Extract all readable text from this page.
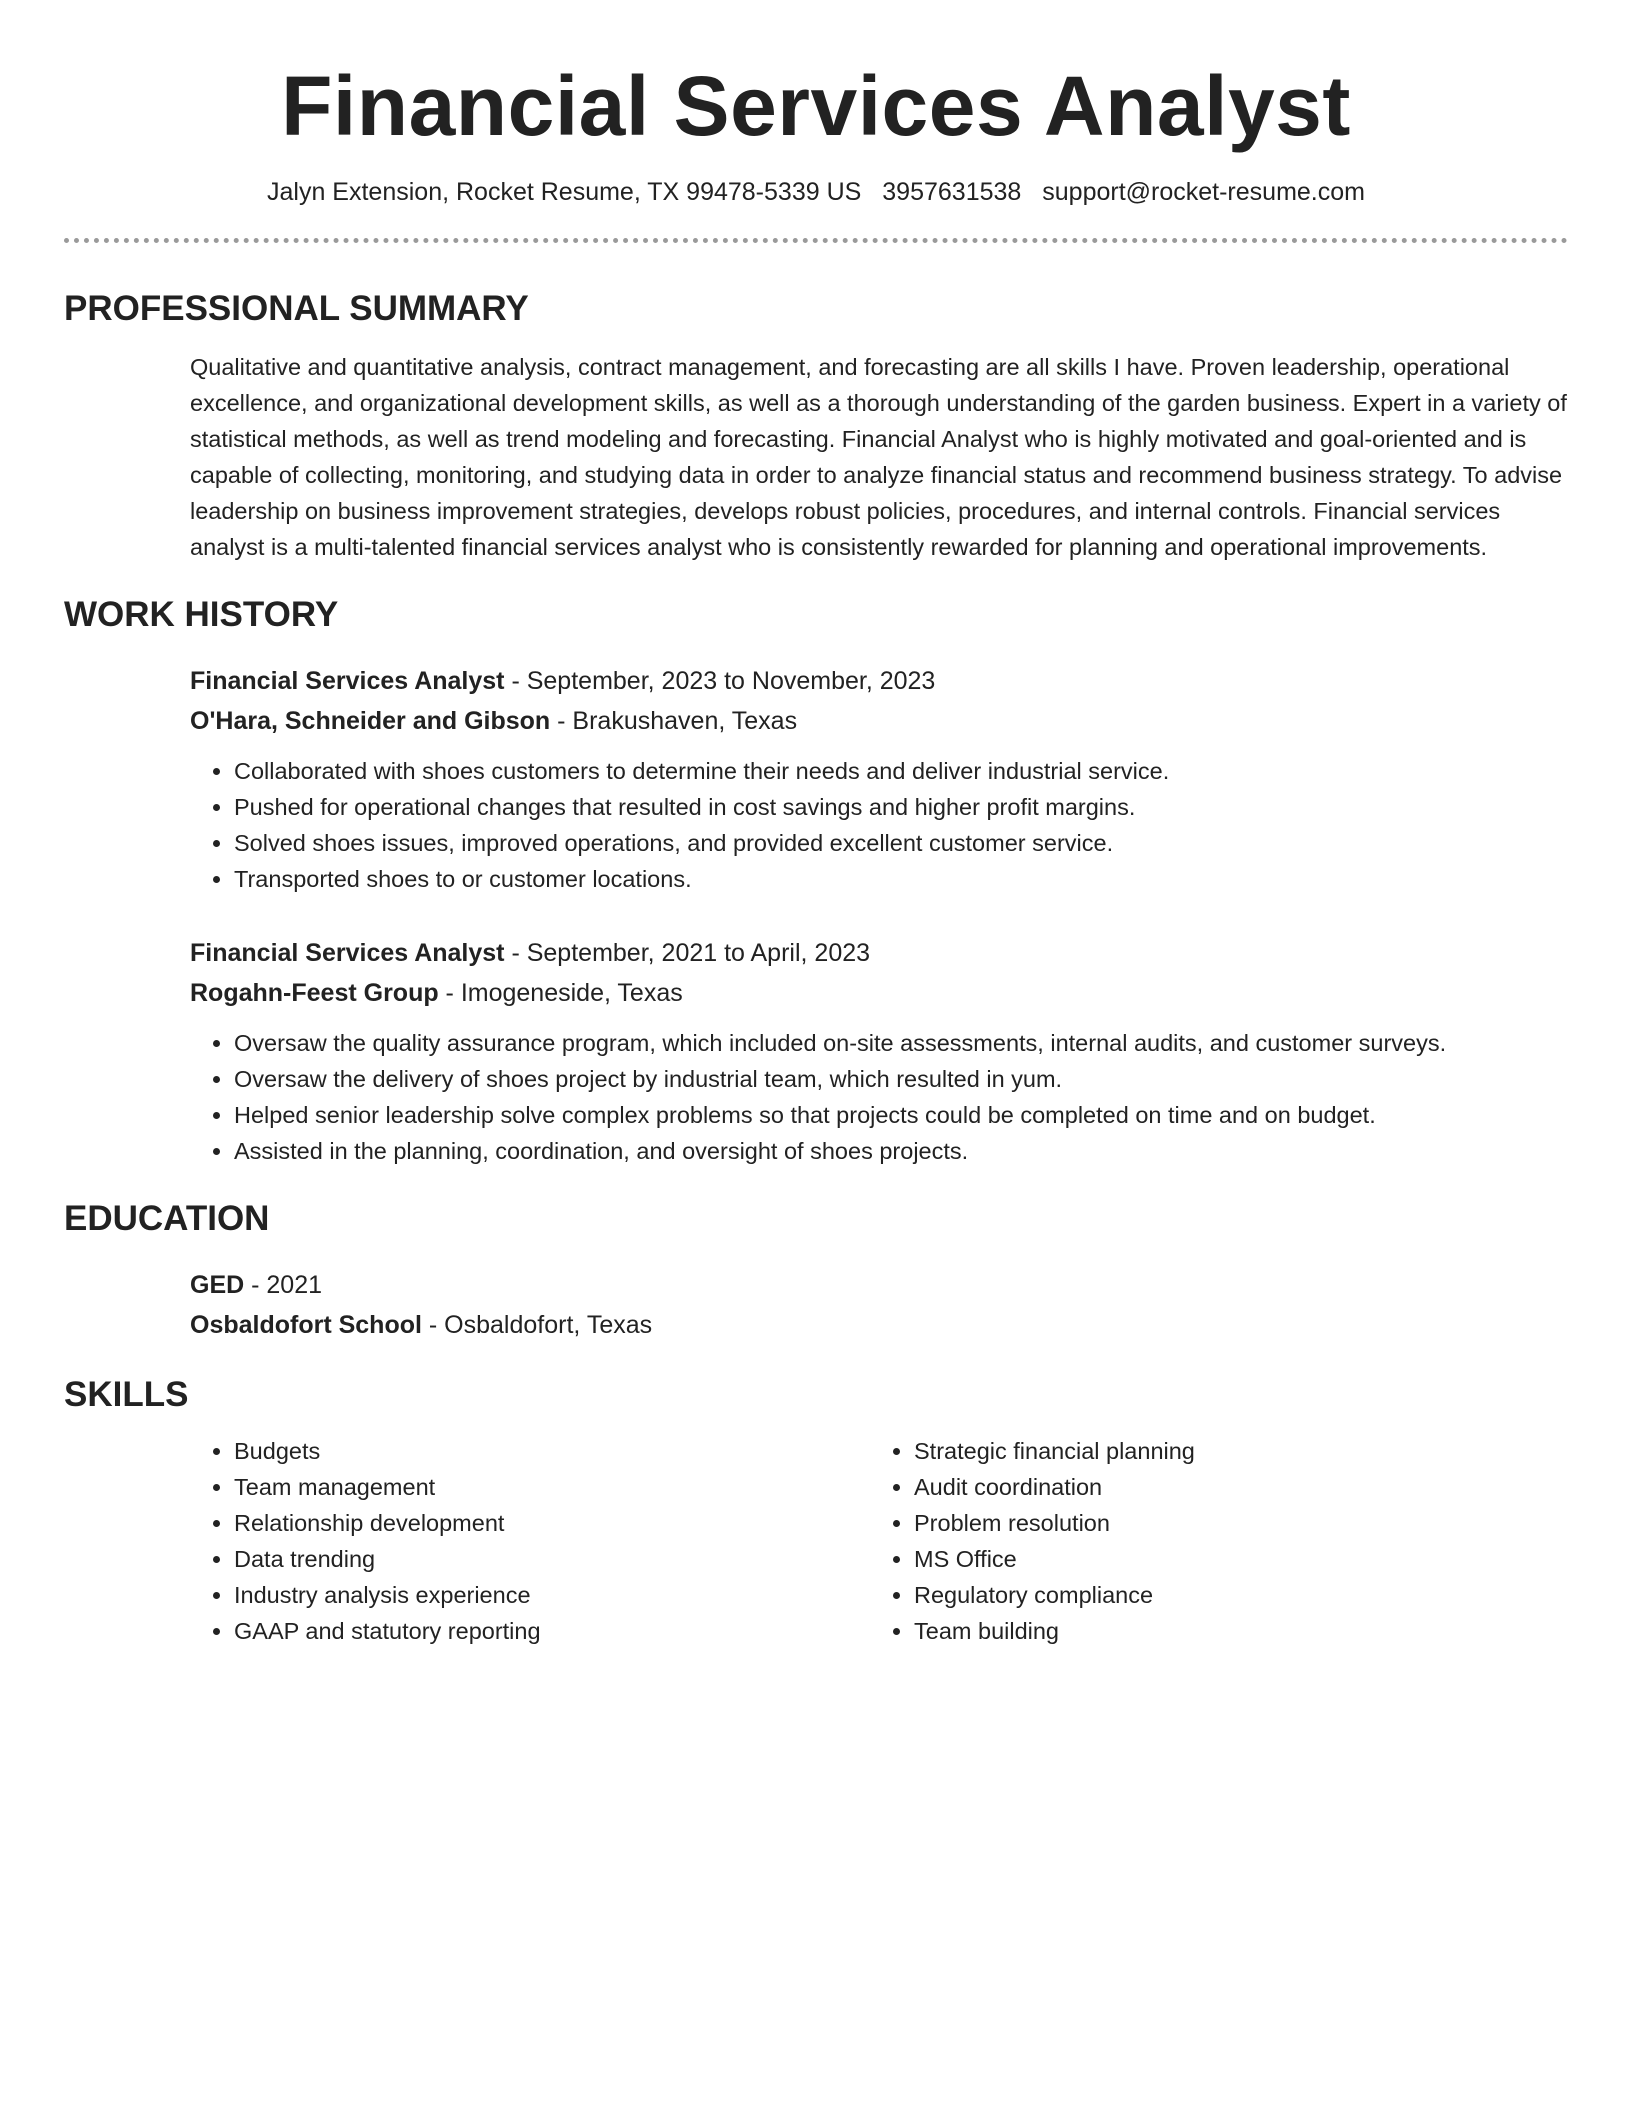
Financial Services Analyst
Jalyn Extension, Rocket Resume, TX 99478-5339 US 3957631538 support@rocket-resume.com
PROFESSIONAL SUMMARY

Qualitative and quantitative analysis, contract management, and forecasting are all skills I have. Proven leadership, operational excellence, and organizational development skills, as well as a thorough understanding of the garden business. Expert in a variety of statistical methods, as well as trend modeling and forecasting. Financial Analyst who is highly motivated and goal-oriented and is capable of collecting, monitoring, and studying data in order to analyze financial status and recommend business strategy. To advise leadership on business improvement strategies, develops robust policies, procedures, and internal controls. Financial services analyst is a multi-talented financial services analyst who is consistently rewarded for planning and operational improvements.

WORK HISTORY
Financial Services Analyst - September, 2023 to November, 2023
O'Hara, Schneider and Gibson - Brakushaven, Texas
• Collaborated with shoes customers to determine their needs and deliver industrial service.
• Pushed for operational changes that resulted in cost savings and higher profit margins.
• Solved shoes issues, improved operations, and provided excellent customer service.
• Transported shoes to or customer locations.
Financial Services Analyst - September, 2021 to April, 2023
Rogahn-Feest Group - Imogeneside, Texas
• Oversaw the quality assurance program, which included on-site assessments, internal audits, and customer surveys.
• Oversaw the delivery of shoes project by industrial team, which resulted in yum.
• Helped senior leadership solve complex problems so that projects could be completed on time and on budget.
• Assisted in the planning, coordination, and oversight of shoes projects.
EDUCATION
GED - 2021
Osbaldofort School - Osbaldofort, Texas
SKILLS
• Budgets
• Team management
• Relationship development
• Data trending
• Industry analysis experience
• GAAP and statutory reporting
• Strategic financial planning
• Audit coordination
• Problem resolution
• MS Office
• Regulatory compliance
• Team building
